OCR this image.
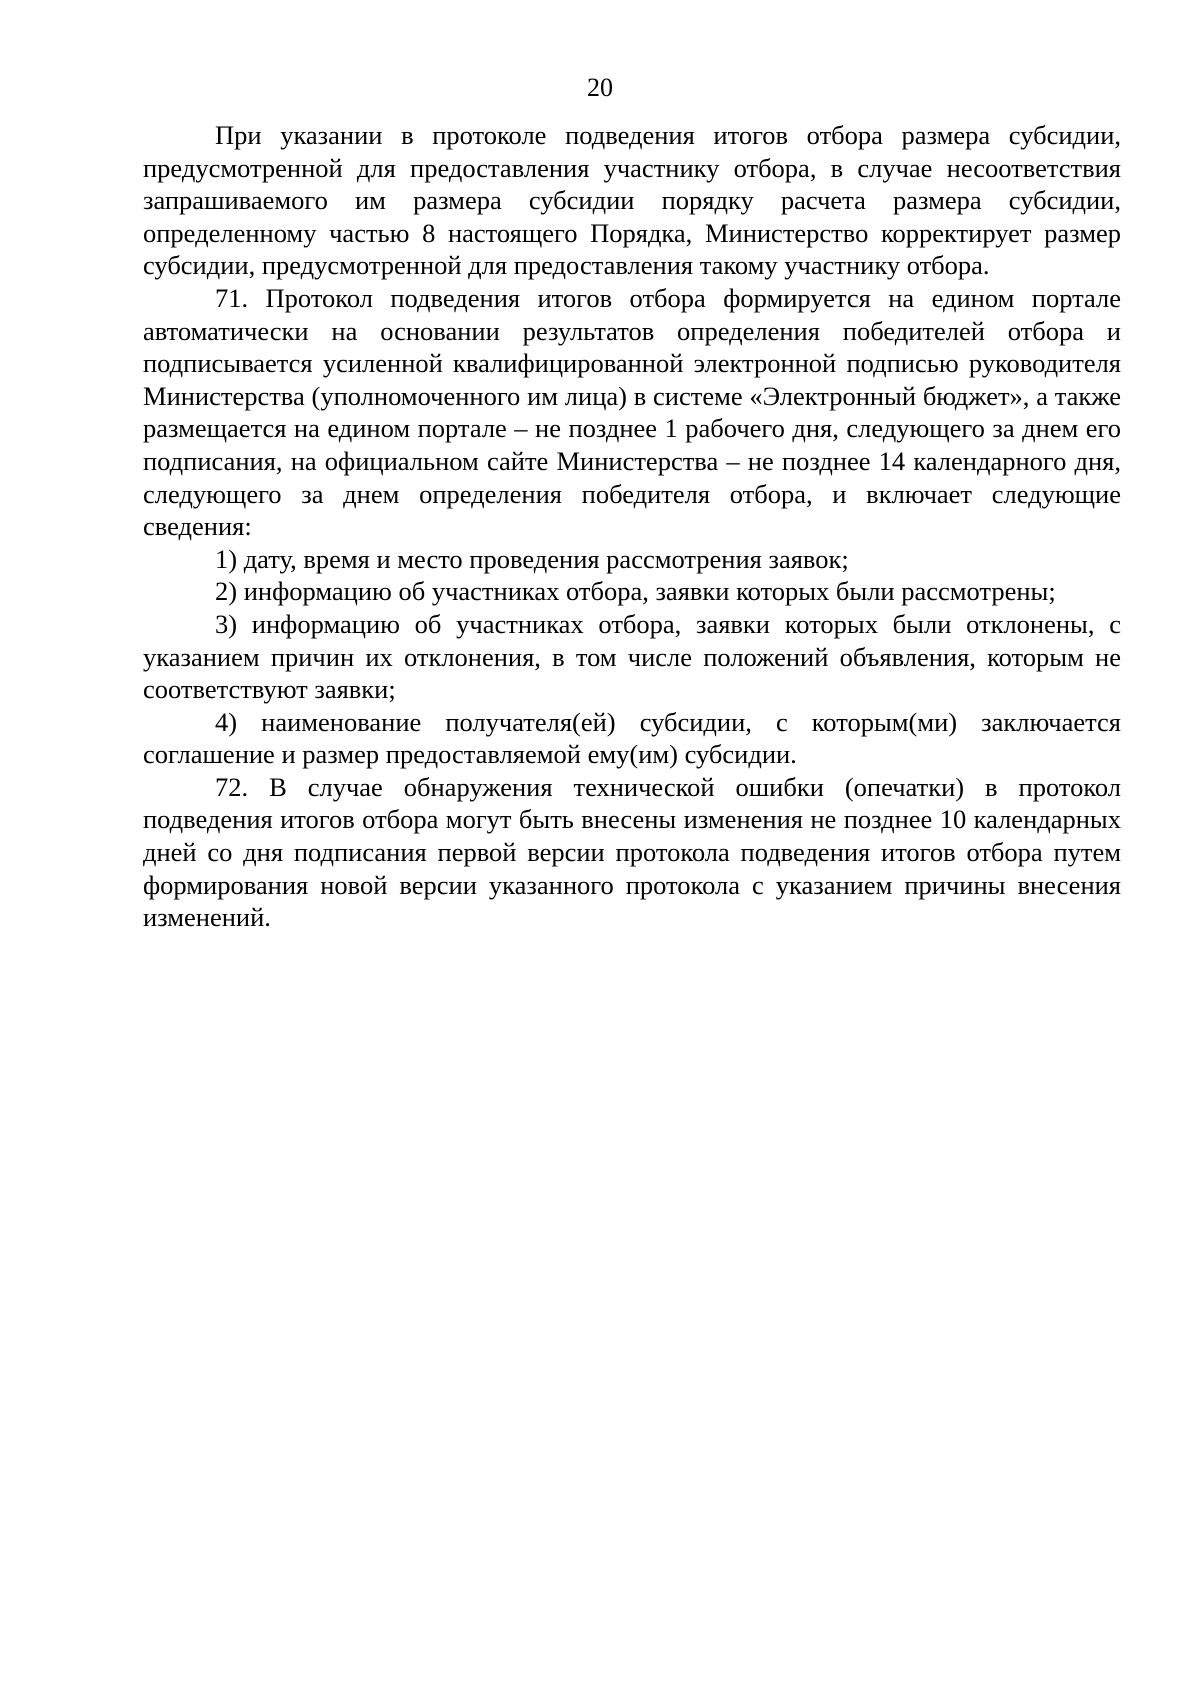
20

При указании в протоколе подведения итогов отбора размера субсидии, предусмотренной для предоставления участнику отбора, в случае несоответствия запрашиваемого им размера субсидии порядку расчета размера субсидии, определенному частью 8 настоящего Порядка, Министерство корректирует размер субсидии, предусмотренной для предоставления такому участнику отбора.

71. Протокол подведения итогов отбора формируется на едином портале автоматически на основании результатов определения победителей отбора и подписывается усиленной квалифицированной электронной подписью руководителя Министерства (уполномоченного им лица) в системе «Электронный бюджет», а также размещается на едином портале – не позднее 1 рабочего дня, следующего за днем его подписания, на официальном сайте Министерства – не позднее 14 календарного дня, следующего за днем определения победителя отбора, и включает следующие сведения:

1) дату, время и место проведения рассмотрения заявок;

2) информацию об участниках отбора, заявки которых были рассмотрены;

3) информацию об участниках отбора, заявки которых были отклонены, с указанием причин их отклонения, в том числе положений объявления, которым не соответствуют заявки;

4) наименование получателя(ей) субсидии, с которым(ми) заключается соглашение и размер предоставляемой ему(им) субсидии.

72. В случае обнаружения технической ошибки (опечатки) в протокол подведения итогов отбора могут быть внесены изменения не позднее 10 календарных дней со дня подписания первой версии протокола подведения итогов отбора путем формирования новой версии указанного протокола с указанием причины внесения изменений.
